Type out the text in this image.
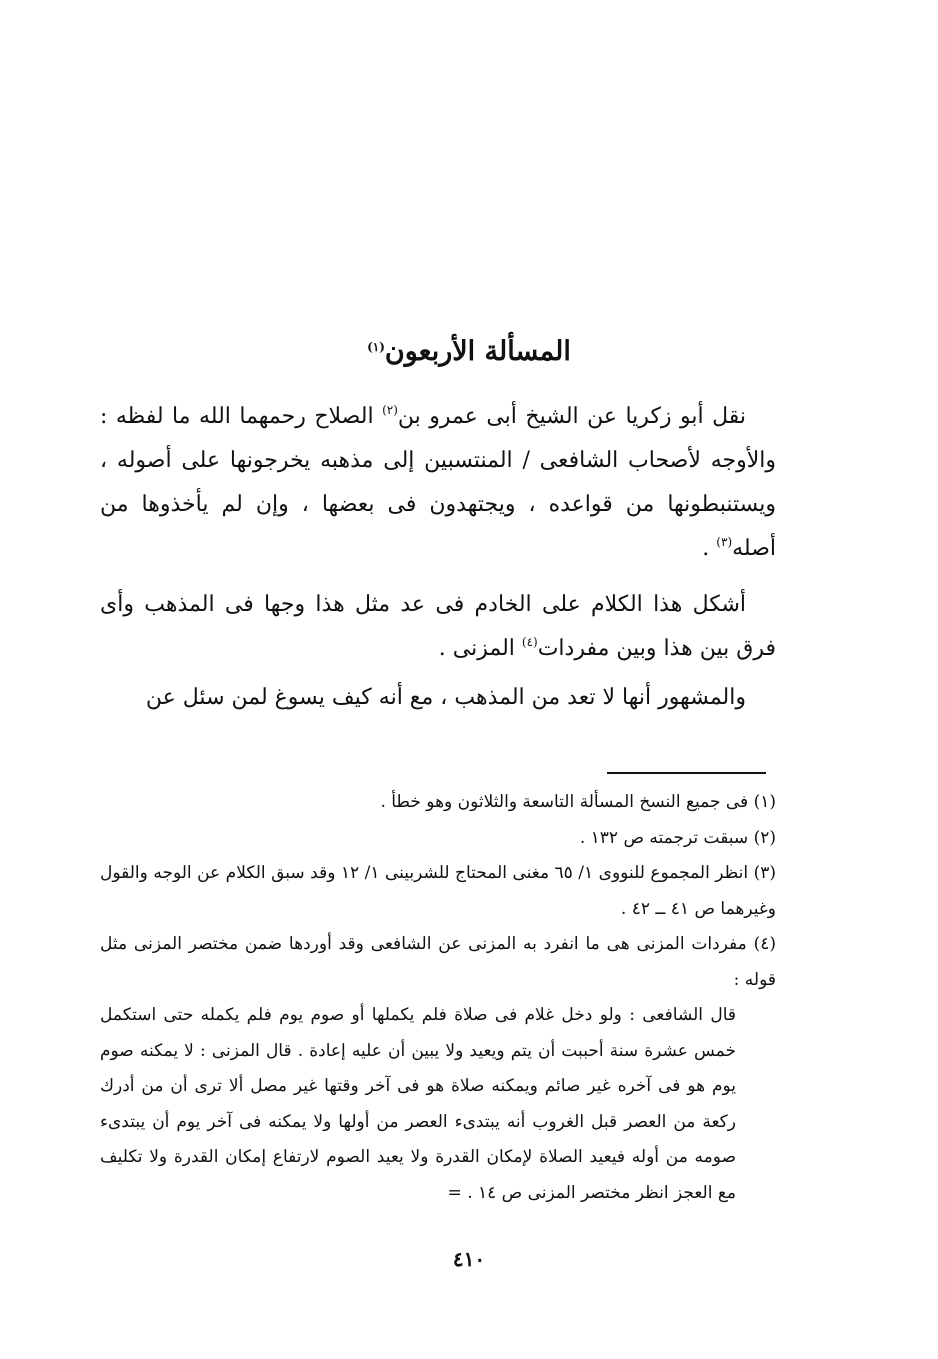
المسألة الأربعون$^{(١)}$

نقل أبو زكريا عن الشيخ أبى عمرو بن$^{(٢)}$ الصلاح رحمهما الله ما لفظه : والأوجه لأصحاب الشافعى / المنتسبين إلى مذهبه يخرجونها على أصوله ، ويستنبطونها من قواعده ، ويجتهدون فى بعضها ، وإن لم يأخذوها من أصله$^{(٣)}$ .

أشكل هذا الكلام على الخادم فى عد مثل هذا وجها فى المذهب وأى فرق بين هذا وبين مفردات$^{(٤)}$ المزنى .

والمشهور أنها لا تعد من المذهب ، مع أنه كيف يسوغ لمن سئل عن

(١) فى جميع النسخ المسألة التاسعة والثلاثون وهو خطأ .

(٢) سبقت ترجمته ص ١٣٢ .

(٣) انظر المجموع للنووى ١/ ٦٥ مغنى المحتاج للشربينى ١/ ١٢ وقد سبق الكلام عن الوجه والقول وغيرهما ص ٤١ ــ ٤٢ .

(٤) مفردات المزنى هى ما انفرد به المزنى عن الشافعى وقد أوردها ضمن مختصر المزنى مثل قوله :

قال الشافعى : ولو دخل غلام فى صلاة فلم يكملها أو صوم يوم فلم يكمله حتى استكمل خمس عشرة سنة أحببت أن يتم ويعيد ولا يبين أن عليه إعادة . قال المزنى : لا يمكنه صوم يوم هو فى آخره غير صائم ويمكنه صلاة هو فى آخر وقتها غير مصل ألا ترى أن من أدرك ركعة من العصر قبل الغروب أنه يبتدىء العصر من أولها ولا يمكنه فى آخر يوم أن يبتدىء صومه من أوله فيعيد الصلاة لإمكان القدرة ولا يعيد الصوم لارتفاع إمكان القدرة ولا تكليف مع العجز انظر مختصر المزنى ص ١٤ . =

٤١٠
